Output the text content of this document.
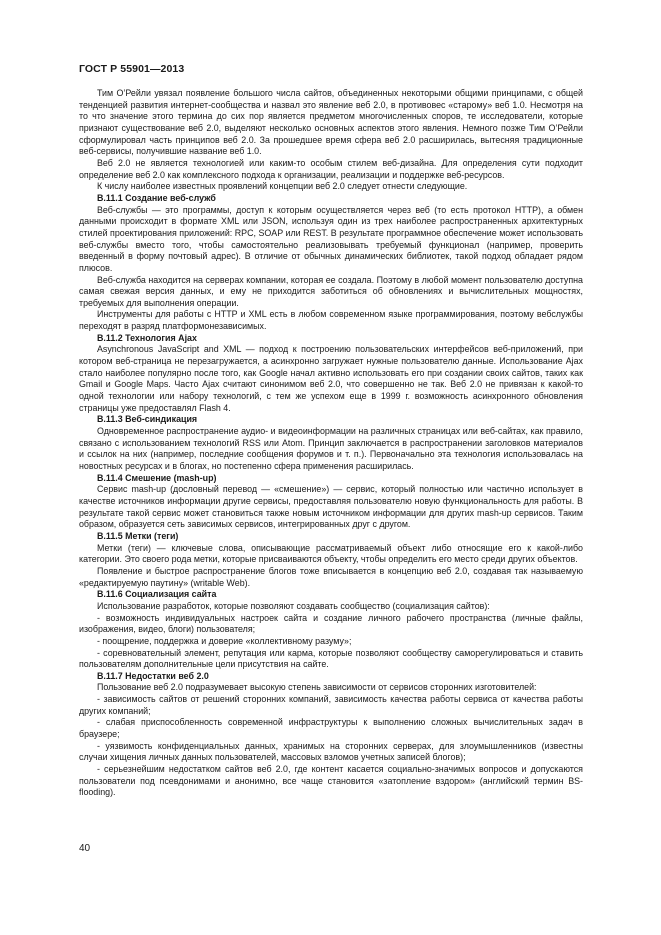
ГОСТ Р 55901—2013

Тим О’Рейли увязал появление большого числа сайтов, объединенных некоторыми общими принципами, с общей тенденцией развития интернет-сообщества и назвал это явление веб 2.0, в противовес «старому» веб 1.0. Несмотря на то что значение этого термина до сих пор является предметом многочисленных споров, те исследователи, которые признают существование веб 2.0, выделяют несколько основных аспектов этого явления. Немного позже Тим О’Рейли сформулировал часть принципов веб 2.0. За прошедшее время сфера веб 2.0 расширилась, вытесняя традиционные веб-сервисы, получившие название веб 1.0.

Веб 2.0 не является технологией или каким-то особым стилем веб-дизайна. Для определения сути подходит определение веб 2.0 как комплексного подхода к организации, реализации и поддержке веб-ресурсов.

К числу наиболее известных проявлений концепции веб 2.0 следует отнести следующие.

В.11.1 Создание веб-служб

Веб-службы — это программы, доступ к которым осуществляется через веб (то есть протокол HTTP), а обмен данными происходит в формате XML или JSON, используя один из трех наиболее распространенных архитектурных стилей проектирования приложений: RPC, SOAP или REST. В результате программное обеспечение может использовать веб-службы вместо того, чтобы самостоятельно реализовывать требуемый функционал (например, проверить введенный в форму почтовый адрес). В отличие от обычных динамических библиотек, такой подход обладает рядом плюсов.

Веб-служба находится на серверах компании, которая ее создала. Поэтому в любой момент пользователю доступна самая свежая версия данных, и ему не приходится заботиться об обновлениях и вычислительных мощностях, требуемых для выполнения операции.

Инструменты для работы с HTTP и XML есть в любом современном языке программирования, поэтому вебслужбы переходят в разряд платформонезависимых.

В.11.2 Технология Ajax

Asynchronous JavaScript and XML — подход к построению пользовательских интерфейсов веб-приложений, при котором веб-страница не перезагружается, а асинхронно загружает нужные пользователю данные. Использование Ajax стало наиболее популярно после того, как Google начал активно использовать его при создании своих сайтов, таких как Gmail и Google Maps. Часто Ajax считают синонимом веб 2.0, что совершенно не так. Веб 2.0 не привязан к какой-то одной технологии или набору технологий, с тем же успехом еще в 1999 г. возможность асинхронного обновления страницы уже предоставлял Flash 4.

В.11.3 Веб-синдикация

Одновременное распространение аудио- и видеоинформации на различных страницах или веб-сайтах, как правило, связано с использованием технологий RSS или Atom. Принцип заключается в распространении заголовков материалов и ссылок на них (например, последние сообщения форумов и т. п.). Первоначально эта технология использовалась на новостных ресурсах и в блогах, но постепенно сфера применения расширилась.

В.11.4 Смешение (mash-up)

Сервис mash-up (дословный перевод — «смешение») — сервис, который полностью или частично использует в качестве источников информации другие сервисы, предоставляя пользователю новую функциональность для работы. В результате такой сервис может становиться также новым источником информации для других mash-up сервисов. Таким образом, образуется сеть зависимых сервисов, интегрированных друг с другом.

В.11.5 Метки (теги)

Метки (теги) — ключевые слова, описывающие рассматриваемый объект либо относящие его к какой-либо категории. Это своего рода метки, которые присваиваются объекту, чтобы определить его место среди других объектов.

Появление и быстрое распространение блогов тоже вписывается в концепцию веб 2.0, создавая так называемую «редактируемую паутину» (writable Web).

В.11.6 Социализация сайта

Использование разработок, которые позволяют создавать сообщество (социализация сайтов):

- возможность индивидуальных настроек сайта и создание личного рабочего пространства (личные файлы, изображения, видео, блоги) пользователя;

- поощрение, поддержка и доверие «коллективному разуму»;

- соревновательный элемент, репутация или карма, которые позволяют сообществу саморегулироваться и ставить пользователям дополнительные цели присутствия на сайте.

В.11.7 Недостатки веб 2.0

Пользование веб 2.0 подразумевает высокую степень зависимости от сервисов сторонних изготовителей:

- зависимость сайтов от решений сторонних компаний, зависимость качества работы сервиса от качества работы других компаний;

- слабая приспособленность современной инфраструктуры к выполнению сложных вычислительных задач в браузере;

- уязвимость конфиденциальных данных, хранимых на сторонних серверах, для злоумышленников (известны случаи хищения личных данных пользователей, массовых взломов учетных записей блогов);

- серьезнейшим недостатком сайтов веб 2.0, где контент касается социально-значимых вопросов и допускаются пользователи под псевдонимами и анонимно, все чаще становится «затопление вздором» (английский термин BS-flooding).

40
